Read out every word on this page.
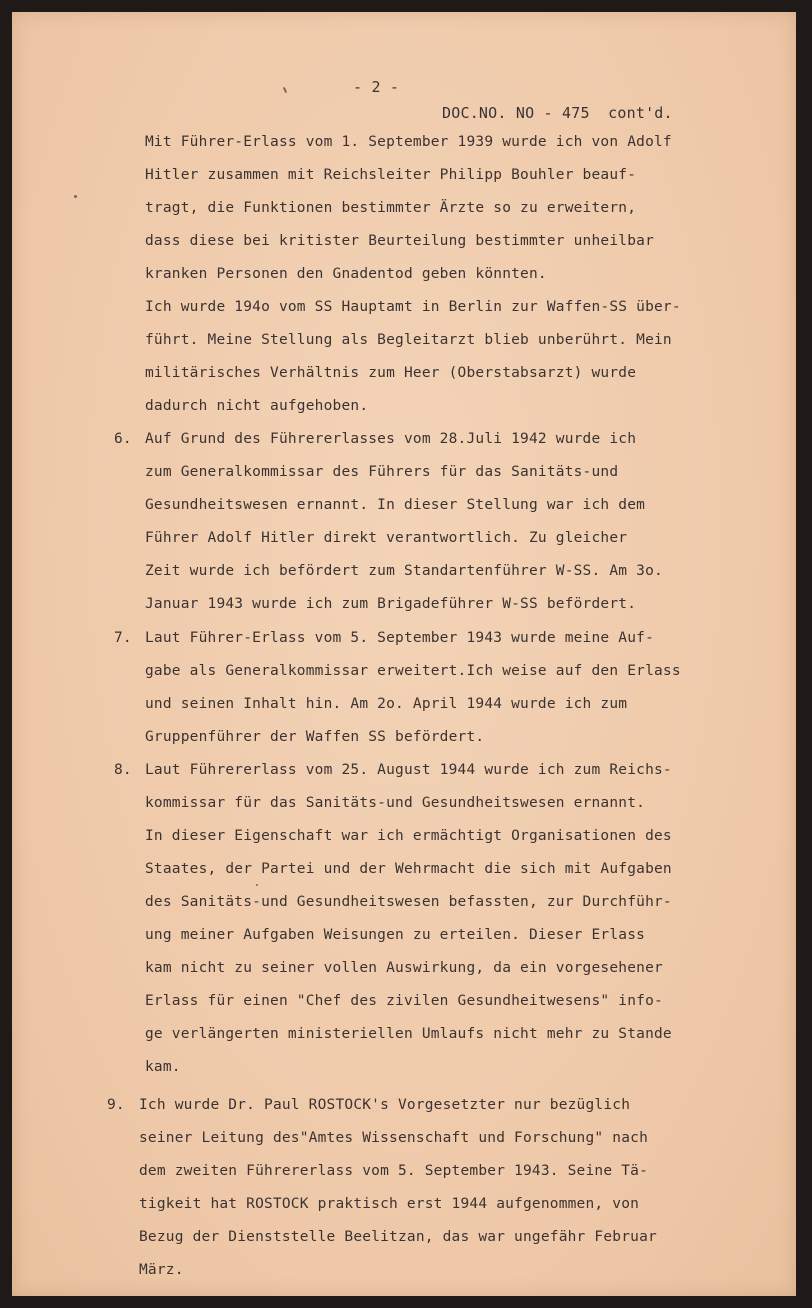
- 2 -
DOC.NO. NO - 475  cont'd.
Mit Führer-Erlass vom 1. September 1939 wurde ich von Adolf
Hitler zusammen mit Reichsleiter Philipp Bouhler beauf-
tragt, die Funktionen bestimmter Ärzte so zu erweitern,
dass diese bei kritister Beurteilung bestimmter unheilbar
kranken Personen den Gnadentod geben könnten.
Ich wurde 194o vom SS Hauptamt in Berlin zur Waffen-SS über-
führt. Meine Stellung als Begleitarzt blieb unberührt. Mein
militärisches Verhältnis zum Heer (Oberstabsarzt) wurde
dadurch nicht aufgehoben.
6. Auf Grund des Führererlasses vom 28.Juli 1942 wurde ich
zum Generalkommissar des Führers für das Sanitäts-und
Gesundheitswesen ernannt. In dieser Stellung war ich dem
Führer Adolf Hitler direkt verantwortlich. Zu gleicher
Zeit wurde ich befördert zum Standartenführer W-SS. Am 3o.
Januar 1943 wurde ich zum Brigadeführer W-SS befördert.
7. Laut Führer-Erlass vom 5. September 1943 wurde meine Auf-
gabe als Generalkommissar erweitert.Ich weise auf den Erlass
und seinen Inhalt hin. Am 2o. April 1944 wurde ich zum
Gruppenführer der Waffen SS befördert.
8. Laut Führererlass vom 25. August 1944 wurde ich zum Reichs-
kommissar für das Sanitäts-und Gesundheitswesen ernannt.
In dieser Eigenschaft war ich ermächtigt Organisationen des
Staates, der Partei und der Wehrmacht die sich mit Aufgaben
des Sanitäts-und Gesundheitswesen befassten, zur Durchführ-
ung meiner Aufgaben Weisungen zu erteilen. Dieser Erlass
kam nicht zu seiner vollen Auswirkung, da ein vorgesehener
Erlass für einen "Chef des zivilen Gesundheitwesens" info-
ge verlängerten ministeriellen Umlaufs nicht mehr zu Stande
kam.
9. Ich wurde Dr. Paul ROSTOCK's Vorgesetzter nur bezüglich
seiner Leitung des"Amtes Wissenschaft und Forschung" nach
dem zweiten Führererlass vom 5. September 1943. Seine Tä-
tigkeit hat ROSTOCK praktisch erst 1944 aufgenommen, von
Bezug der Dienststelle Beelitzan, das war ungefähr Februar
März.
